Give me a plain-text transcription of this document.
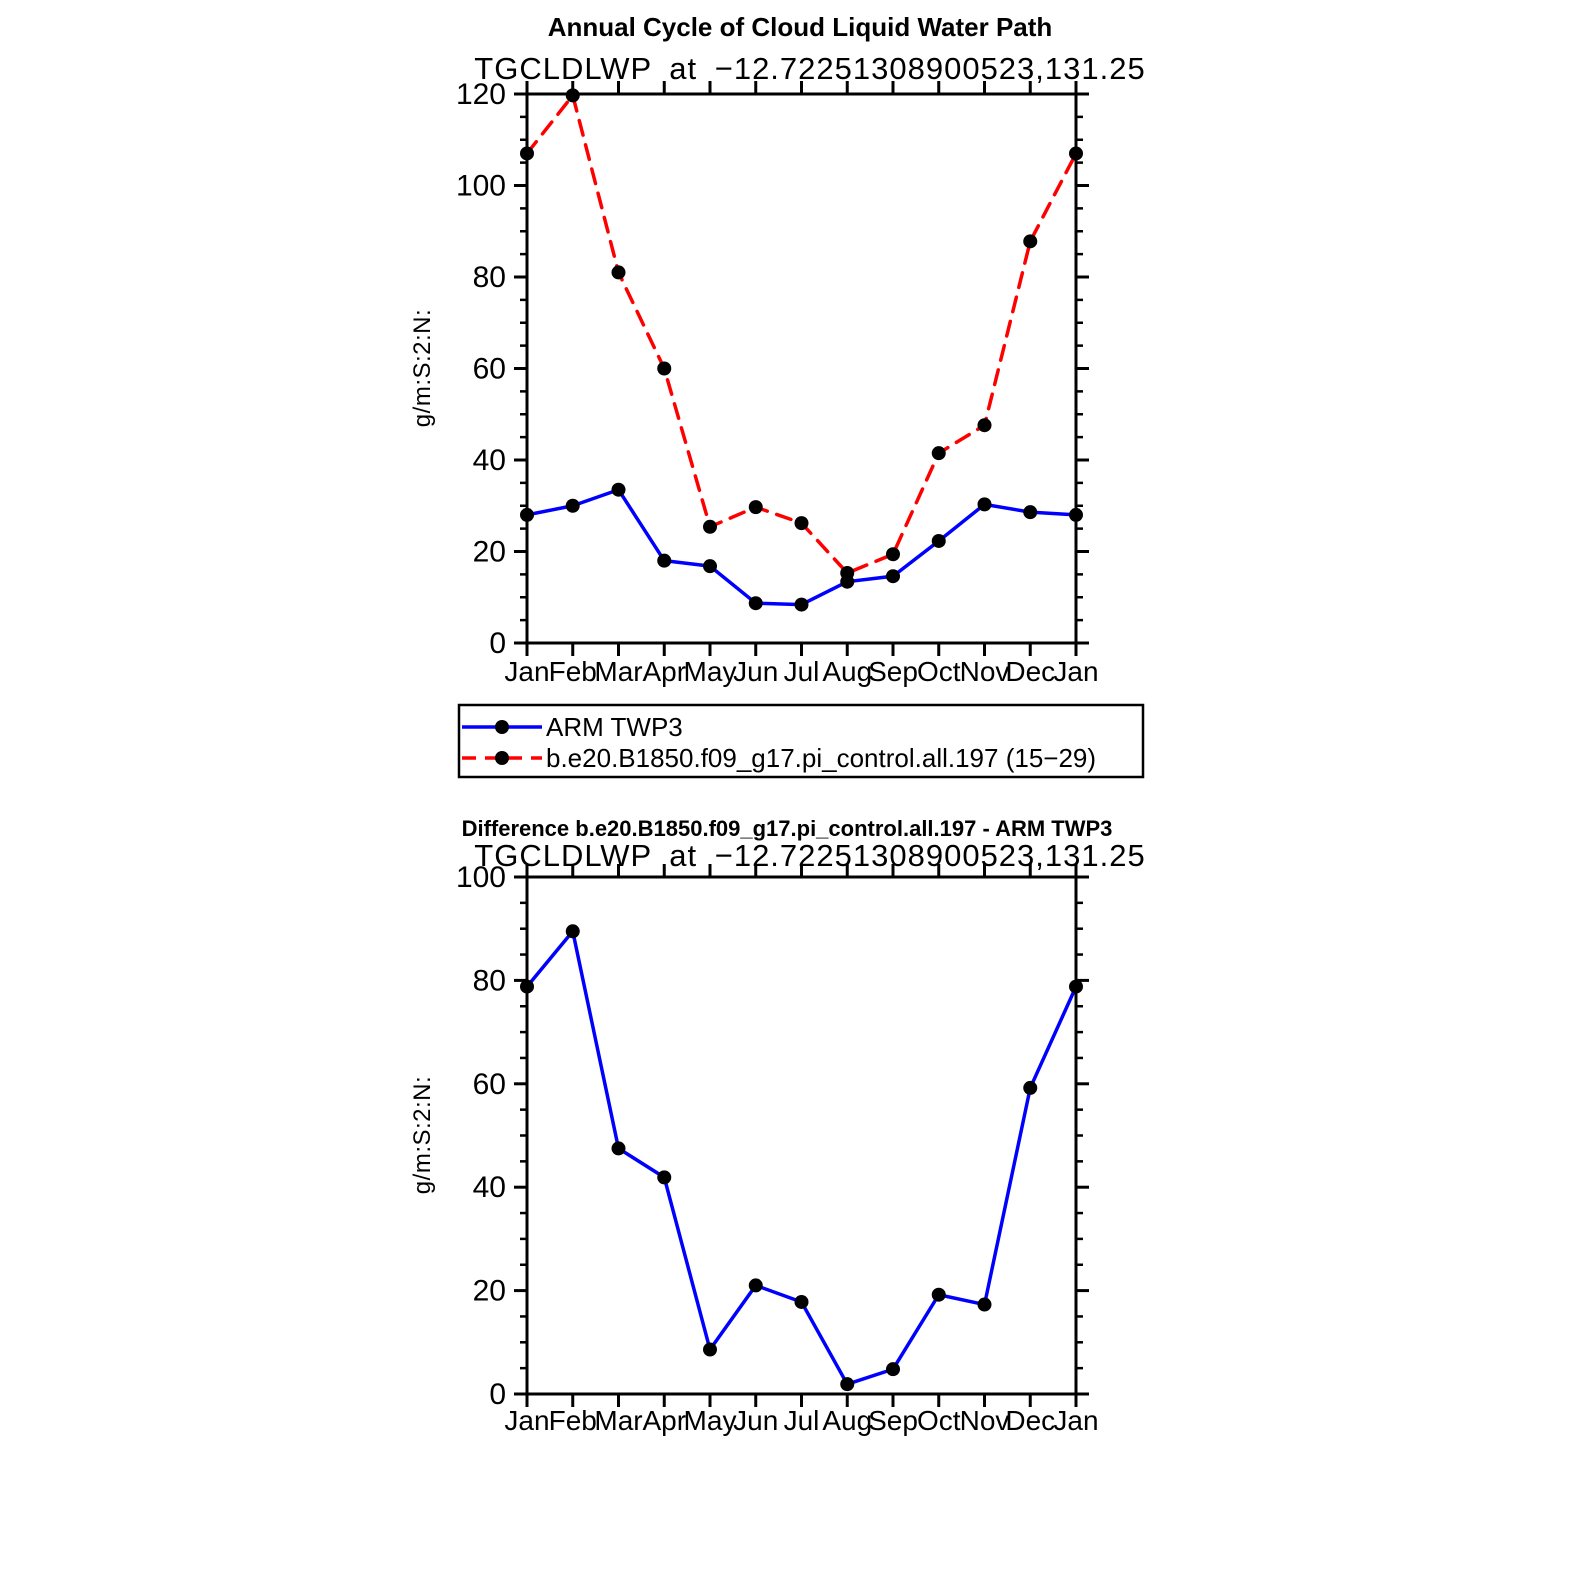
Annual Cycle of Cloud Liquid Water Path
TGCLDLWP at −12.72251308900523,131.25
g/m:S:2:N:
Jan Feb
Mar Apr
May
Jun Jul Aug
Sep Oct Nov
Dec
Jan
0
20
40
60
80
100
120
ARM TWP3
b.e20.B1850.f09_g17.pi_control.all.197 (15−29)
Difference b.e20.B1850.f09_g17.pi_control.all.197 - ARM TWP3
TGCLDLWP at −12.72251308900523,131.25
g/m:S:2:N:
Jan Feb
Mar Apr
May
Jun Jul Aug
Sep Oct Nov
Dec
Jan
0
20
40
60
80
100
